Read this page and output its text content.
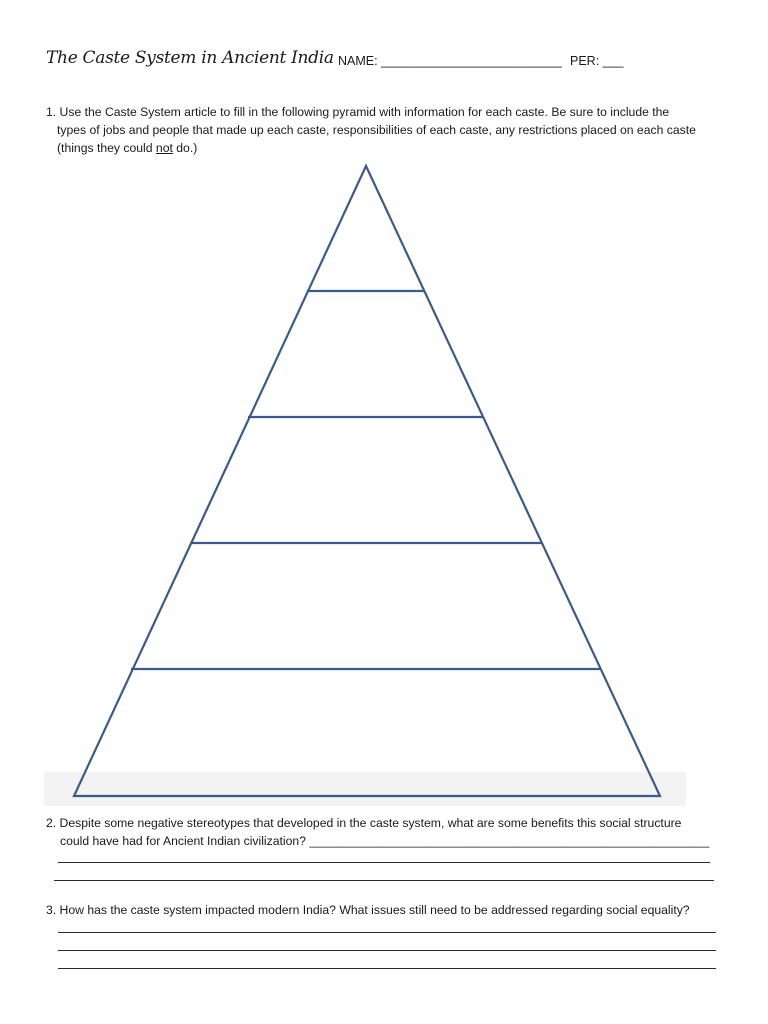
The Caste System in Ancient India NAME: __________________________ PER: ___
1. Use the Caste System article to fill in the following pyramid with information for each caste. Be sure to include the
types of jobs and people that made up each caste, responsibilities of each caste, any restrictions placed on each caste
(things they could not do.)
2. Despite some negative stereotypes that developed in the caste system, what are some benefits this social structure
could have had for Ancient Indian civilization? ___________________________________________________________
3. How has the caste system impacted modern India? What issues still need to be addressed regarding social equality?
